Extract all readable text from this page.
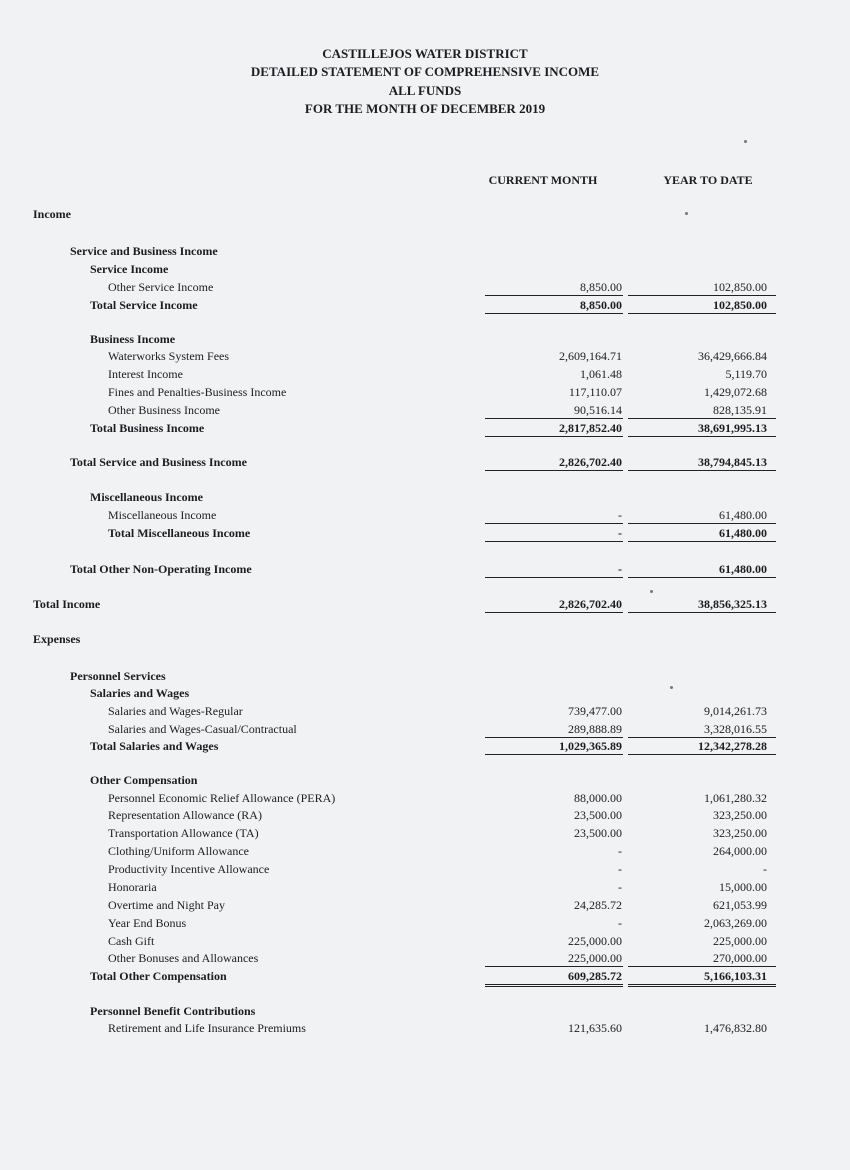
CASTILLEJOS WATER DISTRICT
DETAILED STATEMENT OF COMPREHENSIVE INCOME
ALL FUNDS
FOR THE MONTH OF DECEMBER 2019
CURRENT MONTH	YEAR TO DATE
Income
Service and Business Income
Service Income
Other Service Income	8,850.00	102,850.00
Total Service Income	8,850.00	102,850.00
Business Income
Waterworks System Fees	2,609,164.71	36,429,666.84
Interest Income	1,061.48	5,119.70
Fines and Penalties-Business Income	117,110.07	1,429,072.68
Other Business Income	90,516.14	828,135.91
Total Business Income	2,817,852.40	38,691,995.13
Total Service and Business Income	2,826,702.40	38,794,845.13
Miscellaneous Income
Miscellaneous Income	-	61,480.00
Total Miscellaneous Income	-	61,480.00
Total Other Non-Operating Income	-	61,480.00
Total Income	2,826,702.40	38,856,325.13
Expenses
Personnel Services
Salaries and Wages
Salaries and Wages-Regular	739,477.00	9,014,261.73
Salaries and Wages-Casual/Contractual	289,888.89	3,328,016.55
Total Salaries and Wages	1,029,365.89	12,342,278.28
Other Compensation
Personnel Economic Relief Allowance (PERA)	88,000.00	1,061,280.32
Representation Allowance (RA)	23,500.00	323,250.00
Transportation Allowance (TA)	23,500.00	323,250.00
Clothing/Uniform Allowance	-	264,000.00
Productivity Incentive Allowance	-	-
Honoraria	-	15,000.00
Overtime and Night Pay	24,285.72	621,053.99
Year End Bonus	-	2,063,269.00
Cash Gift	225,000.00	225,000.00
Other Bonuses and Allowances	225,000.00	270,000.00
Total Other Compensation	609,285.72	5,166,103.31
Personnel Benefit Contributions
Retirement and Life Insurance Premiums	121,635.60	1,476,832.80
